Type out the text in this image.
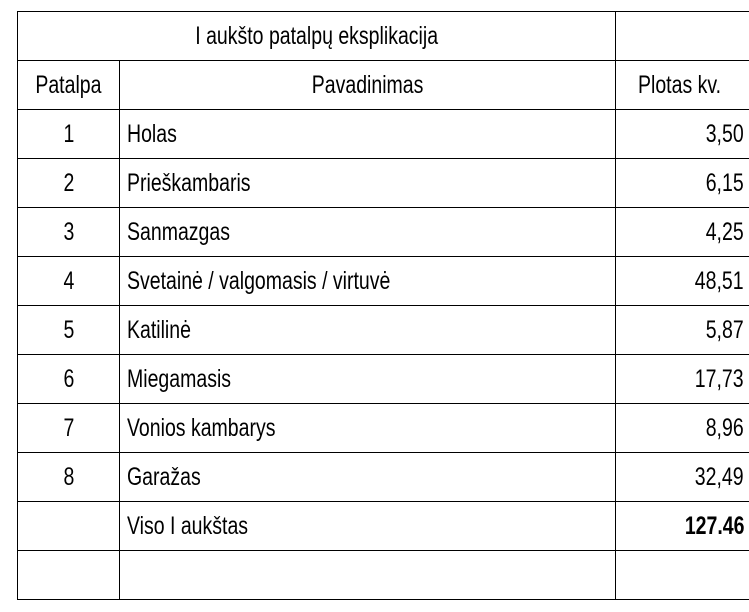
I aukšto patalpų eksplikacija		
Patalpa	Pavadinimas	Plotas kv.
1	Holas	3,50
2	Prieškambaris	6,15
3	Sanmazgas	4,25
4	Svetainė / valgomasis / virtuvė	48,51
5	Katilinė	5,87
6	Miegamasis	17,73
7	Vonios kambarys	8,96
8	Garažas	32,49
	Viso I aukštas	127.46
